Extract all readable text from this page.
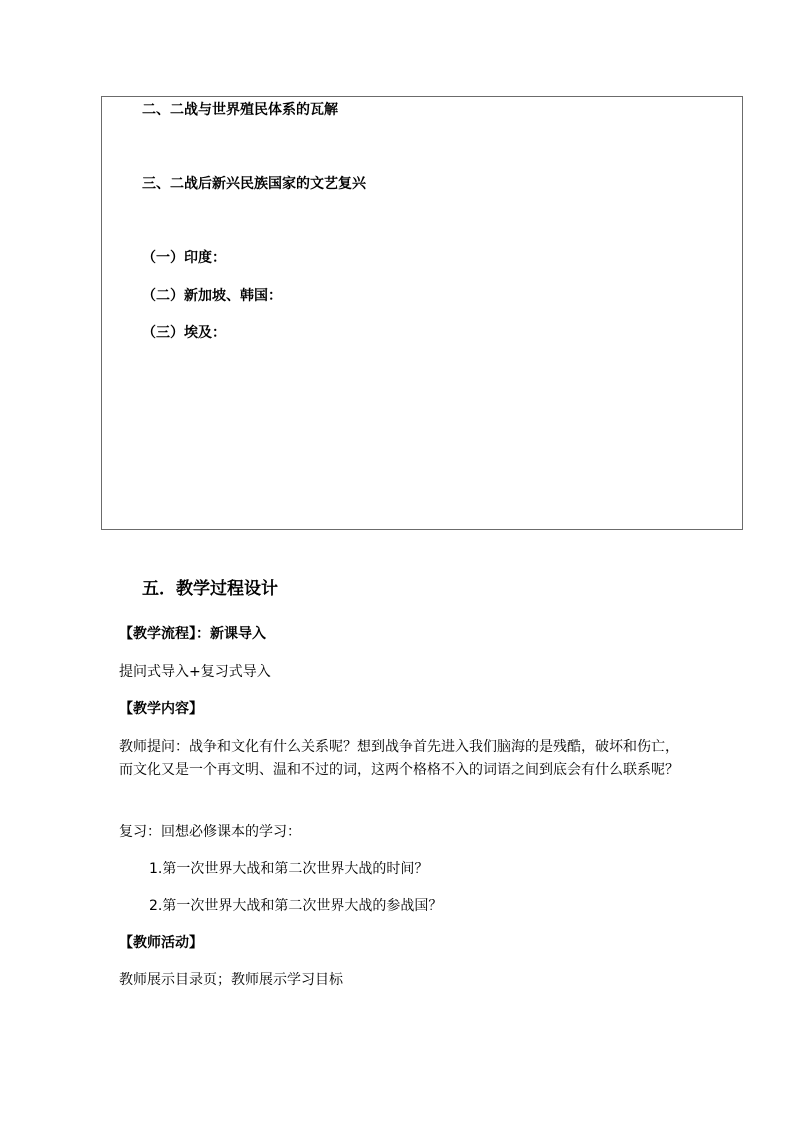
二、二战与世界殖民体系的瓦解
三、二战后新兴民族国家的文艺复兴
（一）印度：
（二）新加坡、韩国：
（三）埃及：
五．教学过程设计
【教学流程】：新课导入
提问式导入+复习式导入
【教学内容】
教师提问：战争和文化有什么关系呢？想到战争首先进入我们脑海的是残酷，破坏和伤亡，而文化又是一个再文明、温和不过的词，这两个格格不入的词语之间到底会有什么联系呢？
复习：回想必修课本的学习：
1.第一次世界大战和第二次世界大战的时间？
2.第一次世界大战和第二次世界大战的参战国？
【教师活动】
教师展示目录页；教师展示学习目标
